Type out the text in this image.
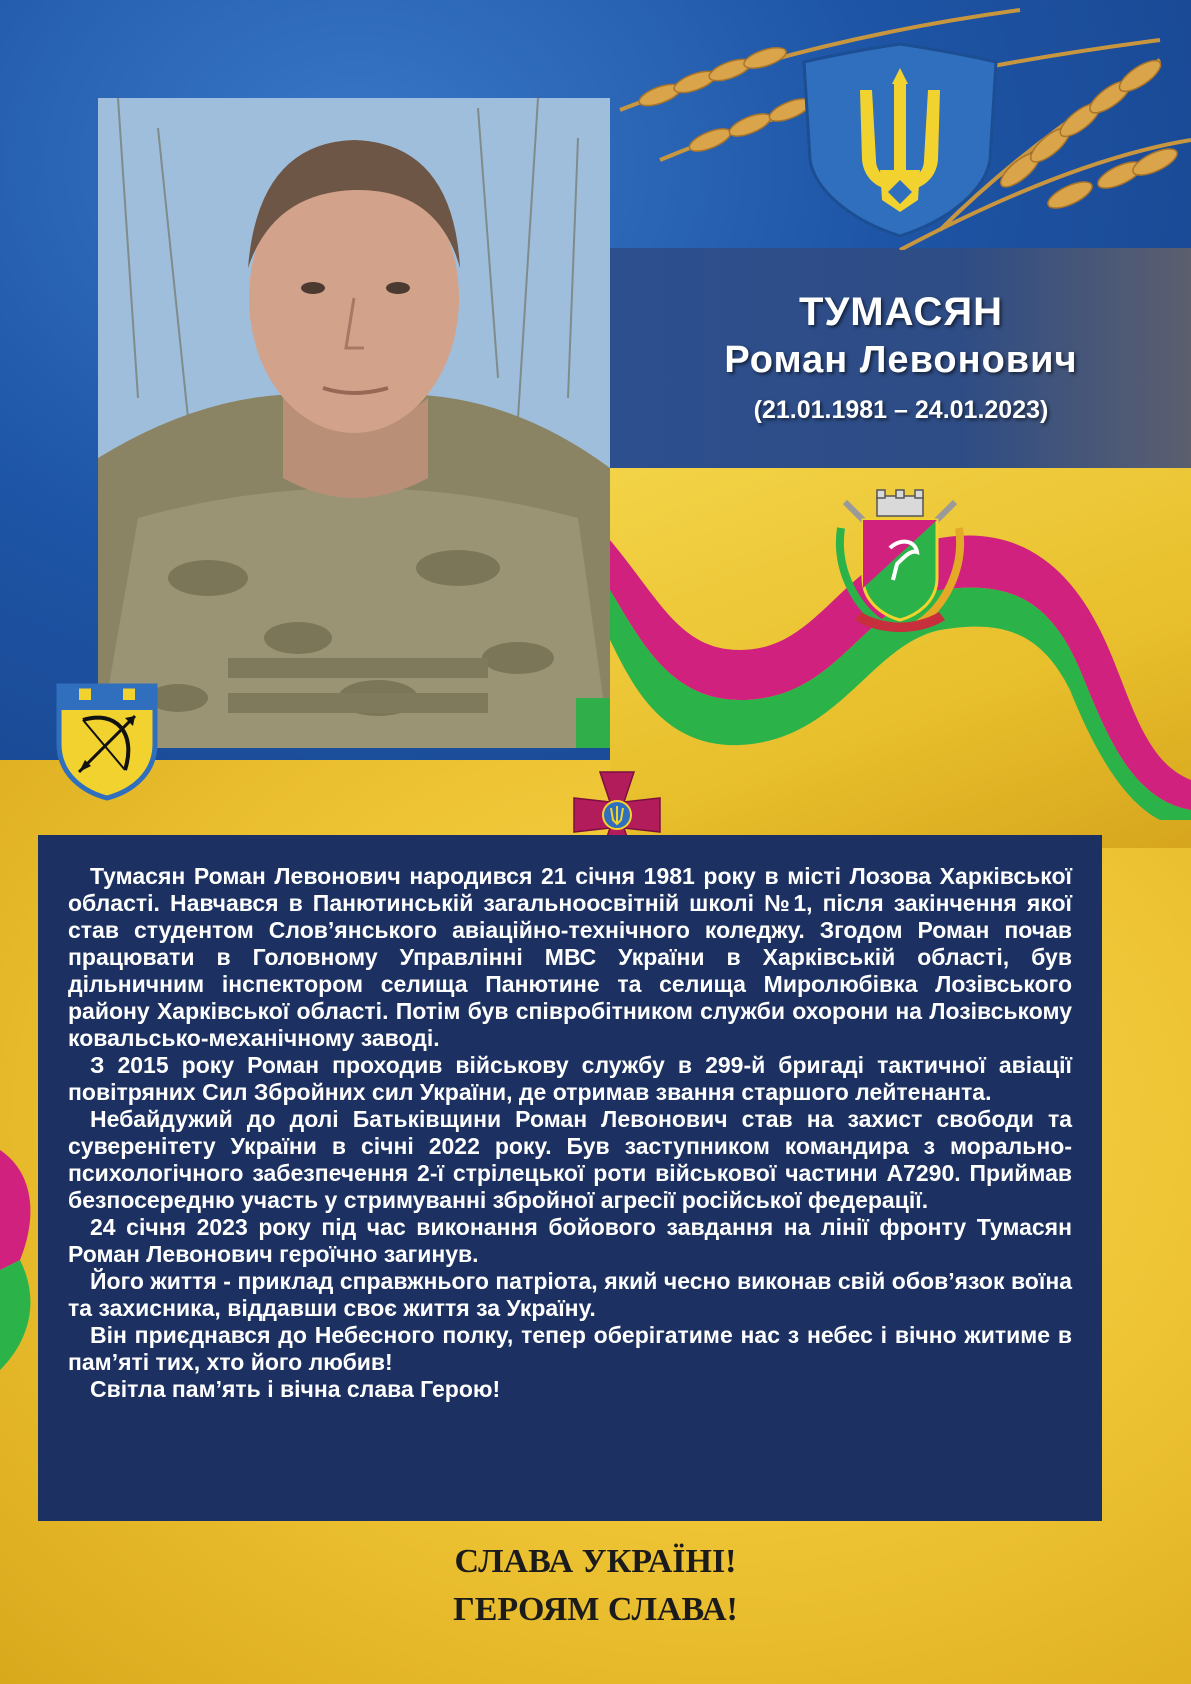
ТУМАСЯН
Роман Левонович
(21.01.1981 – 24.01.2023)

Тумасян Роман Левонович народився 21 січня 1981 року в місті Лозова Харківської області. Навчався в Панютинській загальноосвітній школі №1, після закінчення якої став студентом Слов’янського авіаційно-технічного коледжу. Згодом Роман почав працювати в Головному Управлінні МВС України в Харківській області, був дільничним інспектором селища Панютине та селища Миролюбівка Лозівського району Харківської області. Потім був співробітником служби охорони на Лозівському ковальсько-механічному заводі.

З 2015 року Роман проходив військову службу в 299-й бригаді тактичної авіації повітряних Сил Збройних сил України, де отримав звання старшого лейтенанта.

Небайдужий до долі Батьківщини Роман Левонович став на захист свободи та суверенітету України в січні 2022 року. Був заступником командира з морально-психологічного забезпечення 2-ї стрілецької роти військової частини А7290. Приймав безпосередню участь у стримуванні збройної агресії російської федерації.

24 січня 2023 року під час виконання бойового завдання на лінії фронту Тумасян Роман Левонович героїчно загинув.

Його життя - приклад справжнього патріота, який чесно виконав свій обов’язок воїна та захисника, віддавши своє життя за Україну.

Він приєднався до Небесного полку, тепер оберігатиме нас з небес і вічно житиме в пам’яті тих, хто його любив!

Світла пам’ять і вічна слава Герою!

СЛАВА УКРАЇНІ!
ГЕРОЯМ СЛАВА!
